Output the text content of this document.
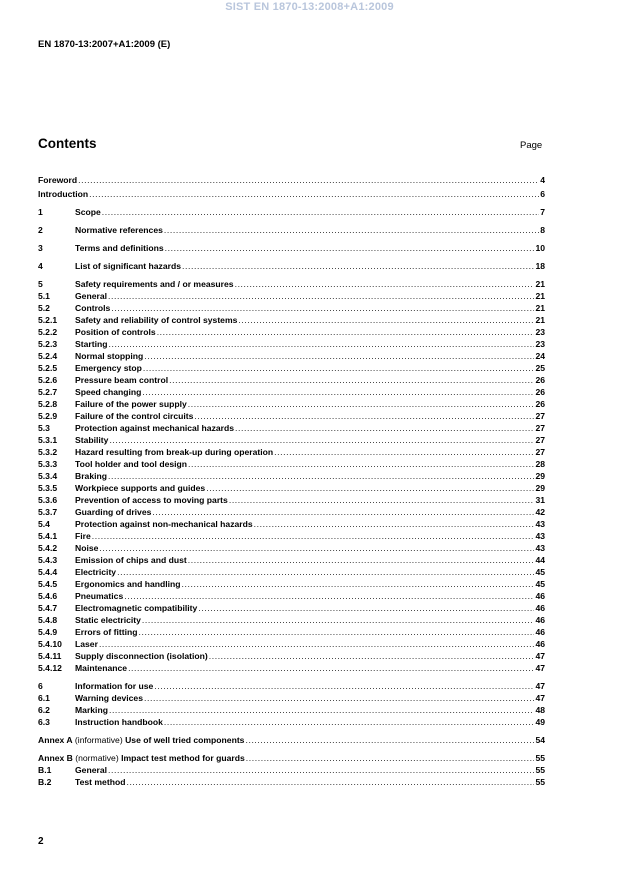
SIST EN 1870-13:2008+A1:2009
EN 1870-13:2007+A1:2009 (E)
Contents	Page
Foreword .....	4
Introduction .....	6
1	Scope .....	7
2	Normative references .....	8
3	Terms and definitions .....	10
4	List of significant hazards .....	18
5	Safety requirements and / or measures .....	21
5.1	General .....	21
5.2	Controls .....	21
5.2.1	Safety and reliability of control systems .....	21
5.2.2	Position of controls .....	23
5.2.3	Starting .....	23
5.2.4	Normal stopping .....	24
5.2.5	Emergency stop .....	25
5.2.6	Pressure beam control .....	26
5.2.7	Speed changing .....	26
5.2.8	Failure of the power supply .....	26
5.2.9	Failure of the control circuits .....	27
5.3	Protection against mechanical hazards .....	27
5.3.1	Stability .....	27
5.3.2	Hazard resulting from break-up during operation .....	27
5.3.3	Tool holder and tool design .....	28
5.3.4	Braking .....	29
5.3.5	Workpiece supports and guides .....	29
5.3.6	Prevention of access to moving parts .....	31
5.3.7	Guarding of drives .....	42
5.4	Protection against non-mechanical hazards .....	43
5.4.1	Fire .....	43
5.4.2	Noise .....	43
5.4.3	Emission of chips and dust .....	44
5.4.4	Electricity .....	45
5.4.5	Ergonomics and handling .....	45
5.4.6	Pneumatics .....	46
5.4.7	Electromagnetic compatibility .....	46
5.4.8	Static electricity .....	46
5.4.9	Errors of fitting .....	46
5.4.10	Laser .....	46
5.4.11	Supply disconnection (isolation) .....	47
5.4.12	Maintenance .....	47
6	Information for use .....	47
6.1	Warning devices .....	47
6.2	Marking .....	48
6.3	Instruction handbook .....	49
Annex A (informative) Use of well tried components .....	54
Annex B (normative) Impact test method for guards .....	55
B.1	General .....	55
B.2	Test method .....	55
2
